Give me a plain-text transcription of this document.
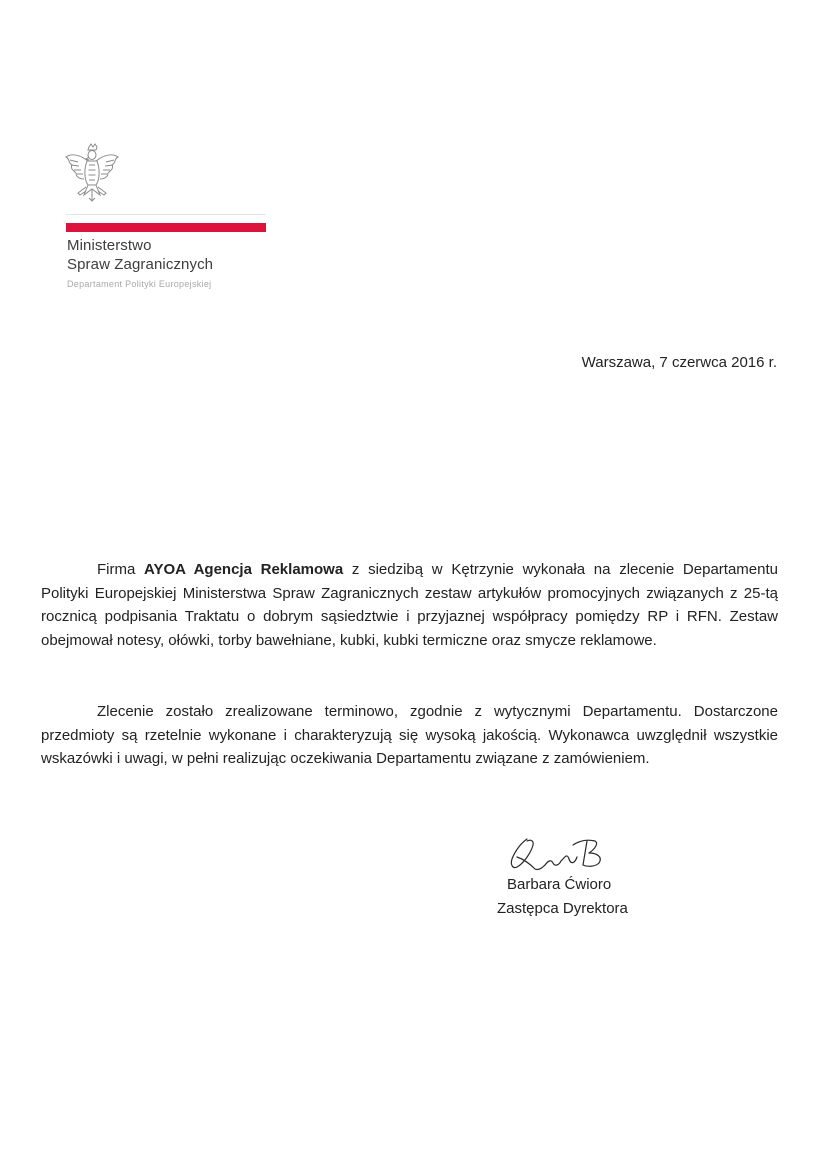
Ministerstwo
Spraw Zagranicznych
Departament Polityki Europejskiej
Warszawa, 7 czerwca 2016 r.
Firma AYOA Agencja Reklamowa z siedzibą w Kętrzynie wykonała na zlecenie Departamentu Polityki Europejskiej Ministerstwa Spraw Zagranicznych zestaw artykułów promocyjnych związanych z 25-tą rocznicą podpisania Traktatu o dobrym sąsiedztwie i przyjaznej współpracy pomiędzy RP i RFN. Zestaw obejmował notesy, ołówki, torby bawełniane, kubki, kubki termiczne oraz smycze reklamowe.
Zlecenie zostało zrealizowane terminowo, zgodnie z wytycznymi Departamentu. Dostarczone przedmioty są rzetelnie wykonane i charakteryzują się wysoką jakością. Wykonawca uwzględnił wszystkie wskazówki i uwagi, w pełni realizując oczekiwania Departamentu związane z zamówieniem.
Barbara Ćwioro
Zastępca Dyrektora
